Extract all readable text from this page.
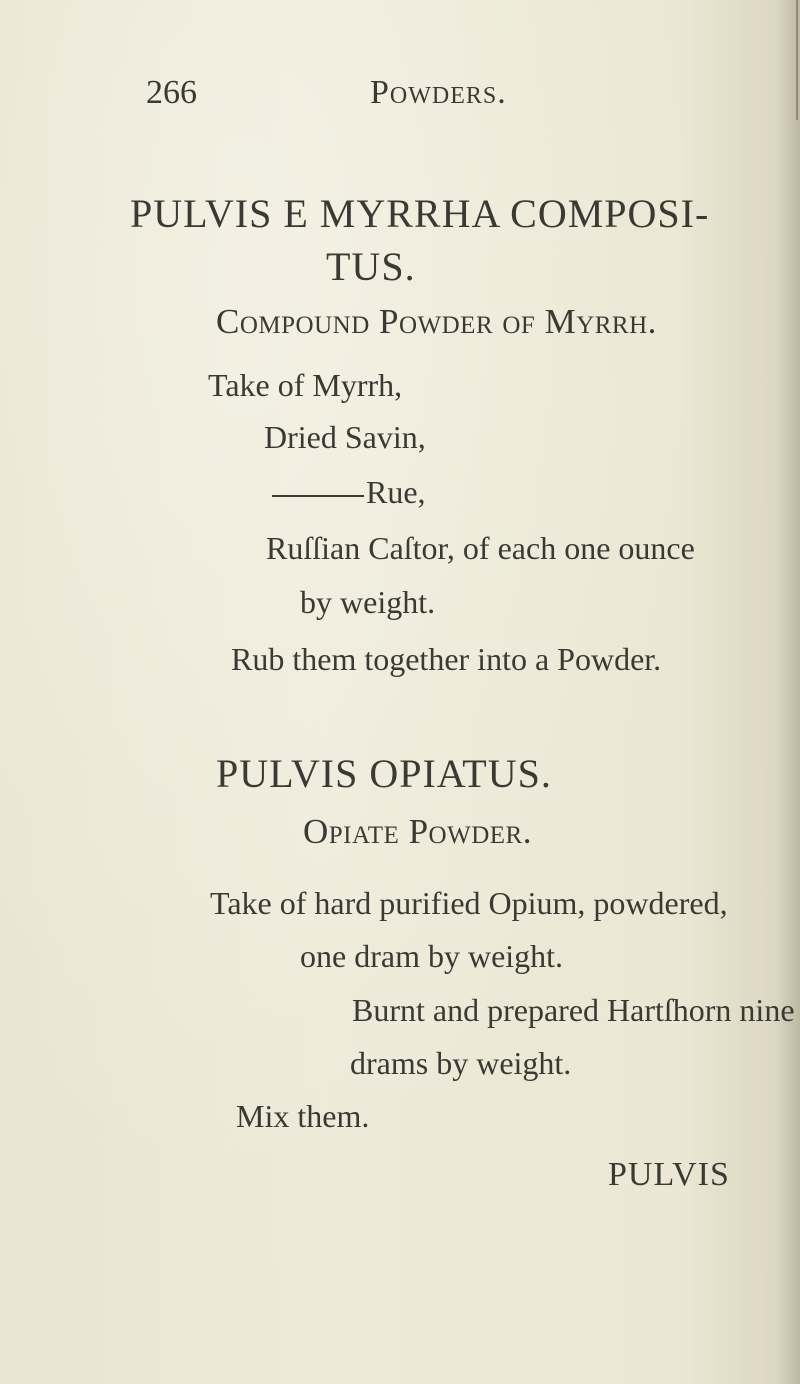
266	Powders.
PULVIS E MYRRHA COMPOSI-
TUS.
Compound Powder of Myrrh.
Take of Myrrh,
Dried Savin,
Rue,
Ruſſian Caſtor, of each one ounce
by weight.
Rub them together into a Powder.
PULVIS OPIATUS.
Opiate Powder.
Take of hard purified Opium, powdered,
one dram by weight.
Burnt and prepared Hartſhorn nine
drams by weight.
Mix them.
PULVIS
